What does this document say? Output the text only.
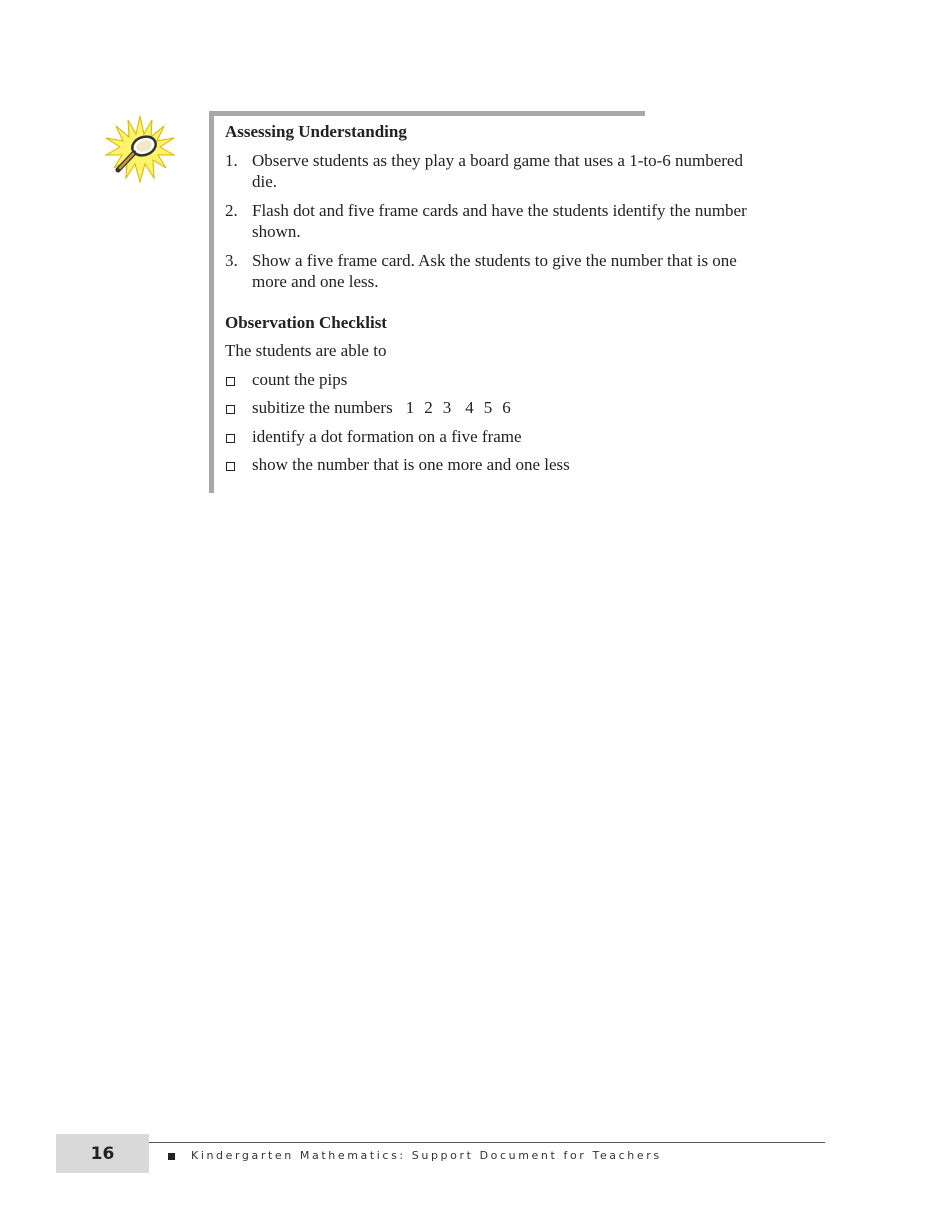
Assessing Understanding
1. Observe students as they play a board game that uses a 1-to-6 numbered die.
2. Flash dot and five frame cards and have the students identify the number shown.
3. Show a five frame card. Ask the students to give the number that is one more and one less.
Observation Checklist

The students are able to

count the pips
subitize the numbers 1 2 3 4 5 6
identify a dot formation on a five frame
show the number that is one more and one less
16	Kindergarten Mathematics: Support Document for Teachers
